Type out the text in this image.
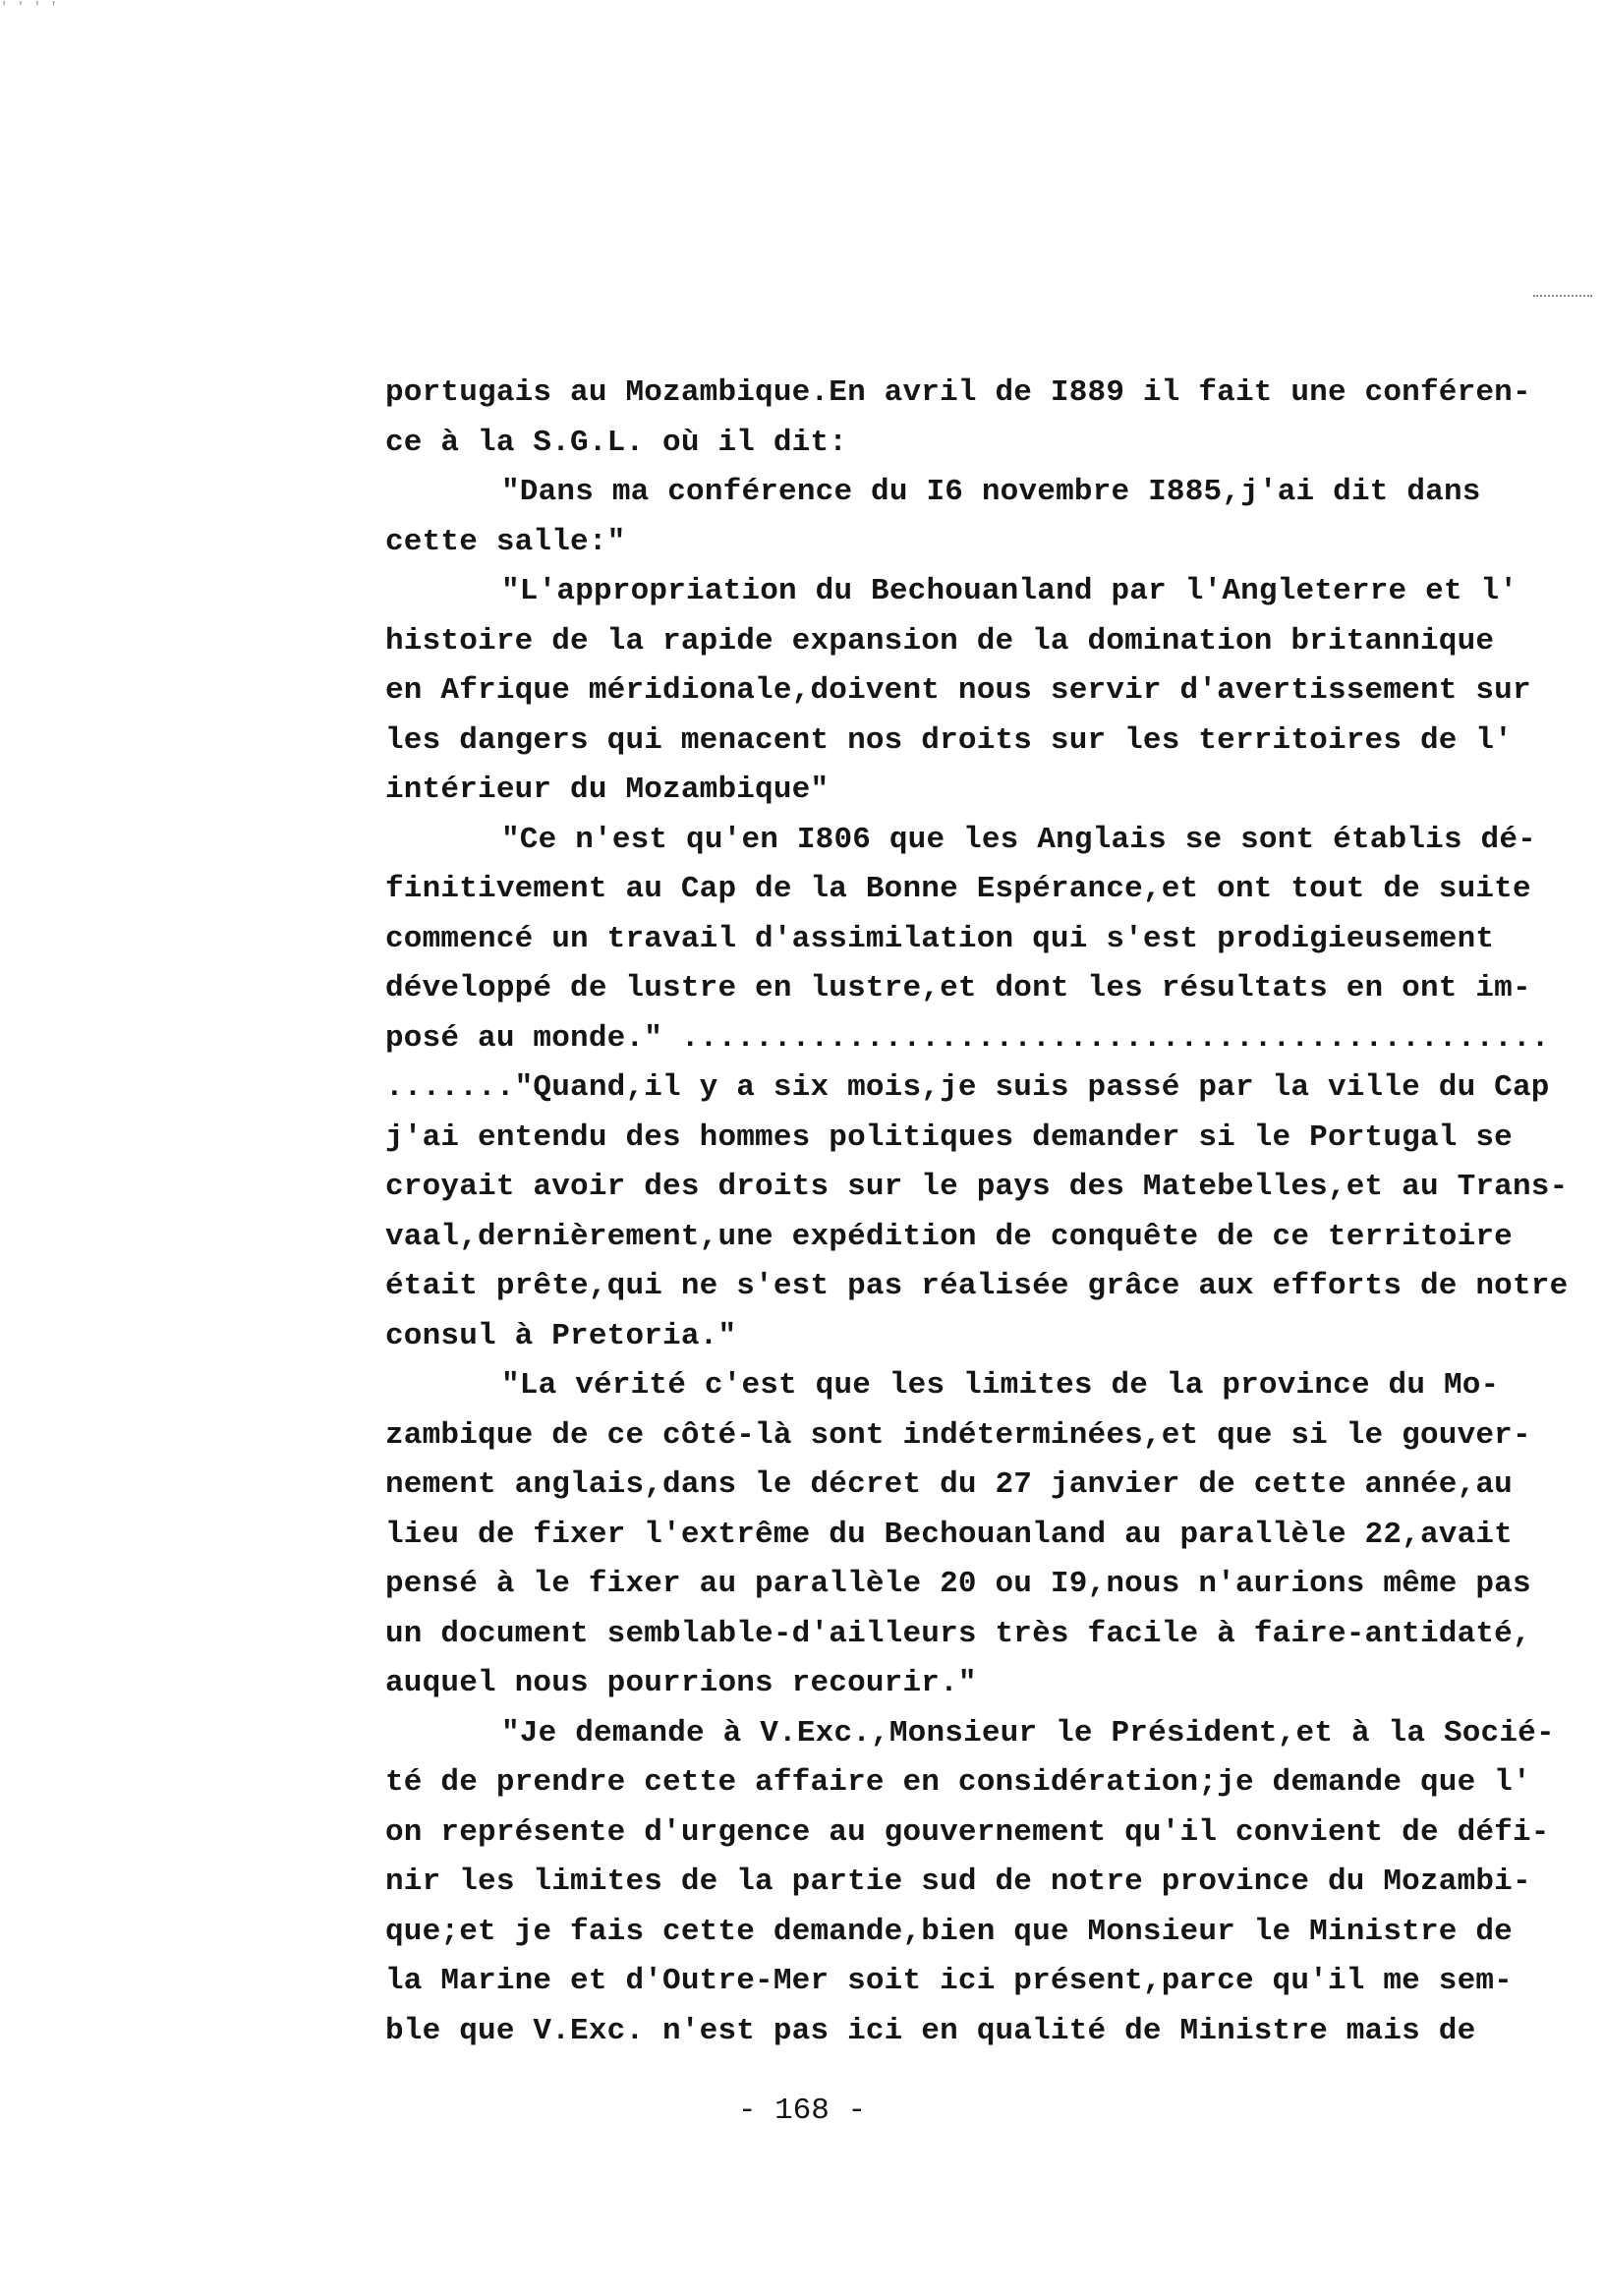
' ' ' '
portugais au Mozambique.En avril de I889 il fait une conféren-
ce à la S.G.L. où il dit:
"Dans ma conférence du I6 novembre I885,j'ai dit dans
cette salle:"
"L'appropriation du Bechouanland par l'Angleterre et l'
histoire de la rapide expansion de la domination britannique
en Afrique méridionale,doivent nous servir d'avertissement sur
les dangers qui menacent nos droits sur les territoires de l'
intérieur du Mozambique"
"Ce n'est qu'en I806 que les Anglais se sont établis dé-
finitivement au Cap de la Bonne Espérance,et ont tout de suite
commencé un travail d'assimilation qui s'est prodigieusement
développé de lustre en lustre,et dont les résultats en ont im-
posé au monde." ...............................................
......."Quand,il y a six mois,je suis passé par la ville du Cap
j'ai entendu des hommes politiques demander si le Portugal se
croyait avoir des droits sur le pays des Matebelles,et au Trans-
vaal,dernièrement,une expédition de conquête de ce territoire
était prête,qui ne s'est pas réalisée grâce aux efforts de notre
consul à Pretoria."
"La vérité c'est que les limites de la province du Mo-
zambique de ce côté-là sont indéterminées,et que si le gouver-
nement anglais,dans le décret du 27 janvier de cette année,au
lieu de fixer l'extrême du Bechouanland au parallèle 22,avait
pensé à le fixer au parallèle 20 ou I9,nous n'aurions même pas
un document semblable-d'ailleurs très facile à faire-antidaté,
auquel nous pourrions recourir."
"Je demande à V.Exc.,Monsieur le Président,et à la Socié-
té de prendre cette affaire en considération;je demande que l'
on représente d'urgence au gouvernement qu'il convient de défi-
nir les limites de la partie sud de notre province du Mozambi-
que;et je fais cette demande,bien que Monsieur le Ministre de
la Marine et d'Outre-Mer soit ici présent,parce qu'il me sem-
ble que V.Exc. n'est pas ici en qualité de Ministre mais de
- 168 -
